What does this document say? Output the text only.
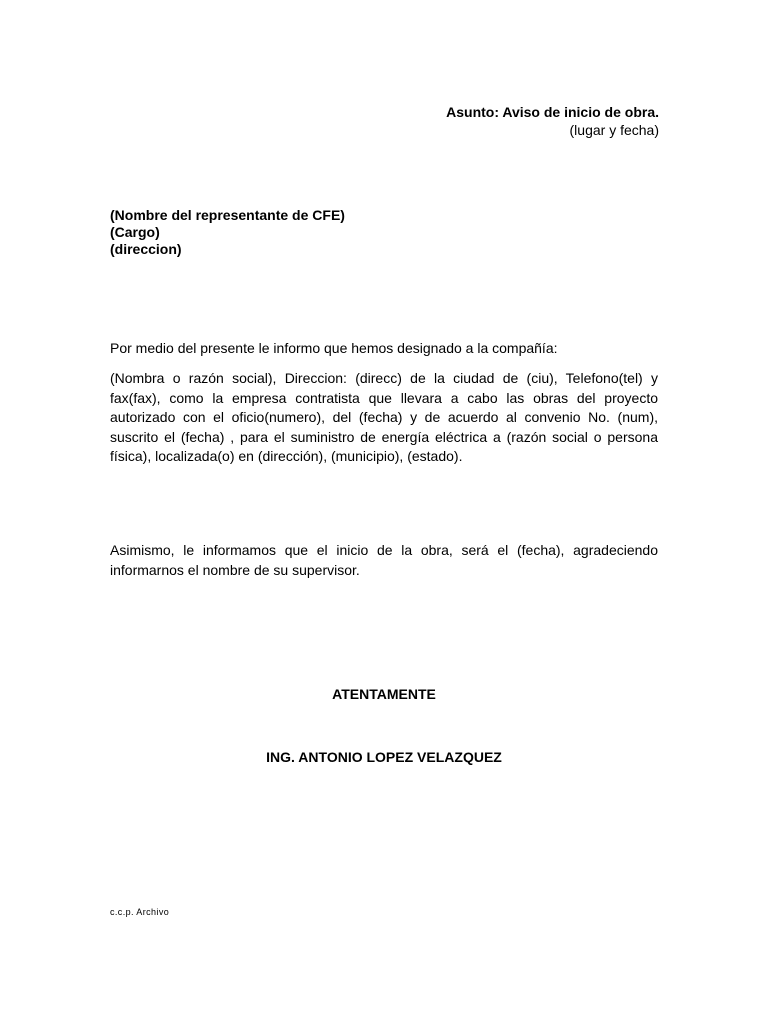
Asunto: Aviso de inicio de obra.
(lugar y fecha)
(Nombre del representante de CFE)
(Cargo)
(direccion)
Por medio del presente le informo que hemos designado a la compañía:
(Nombra o razón social), Direccion: (direcc) de la ciudad de (ciu), Telefono(tel) y fax(fax), como la empresa contratista que llevara a cabo las obras del proyecto autorizado con el oficio(numero), del (fecha) y de acuerdo al convenio No. (num), suscrito el (fecha) , para el suministro de energía eléctrica a (razón social o persona física), localizada(o) en (dirección), (municipio), (estado).
Asimismo, le informamos que el inicio de la obra, será el (fecha), agradeciendo informarnos el nombre de su supervisor.
ATENTAMENTE
ING. ANTONIO LOPEZ VELAZQUEZ
c.c.p. Archivo
